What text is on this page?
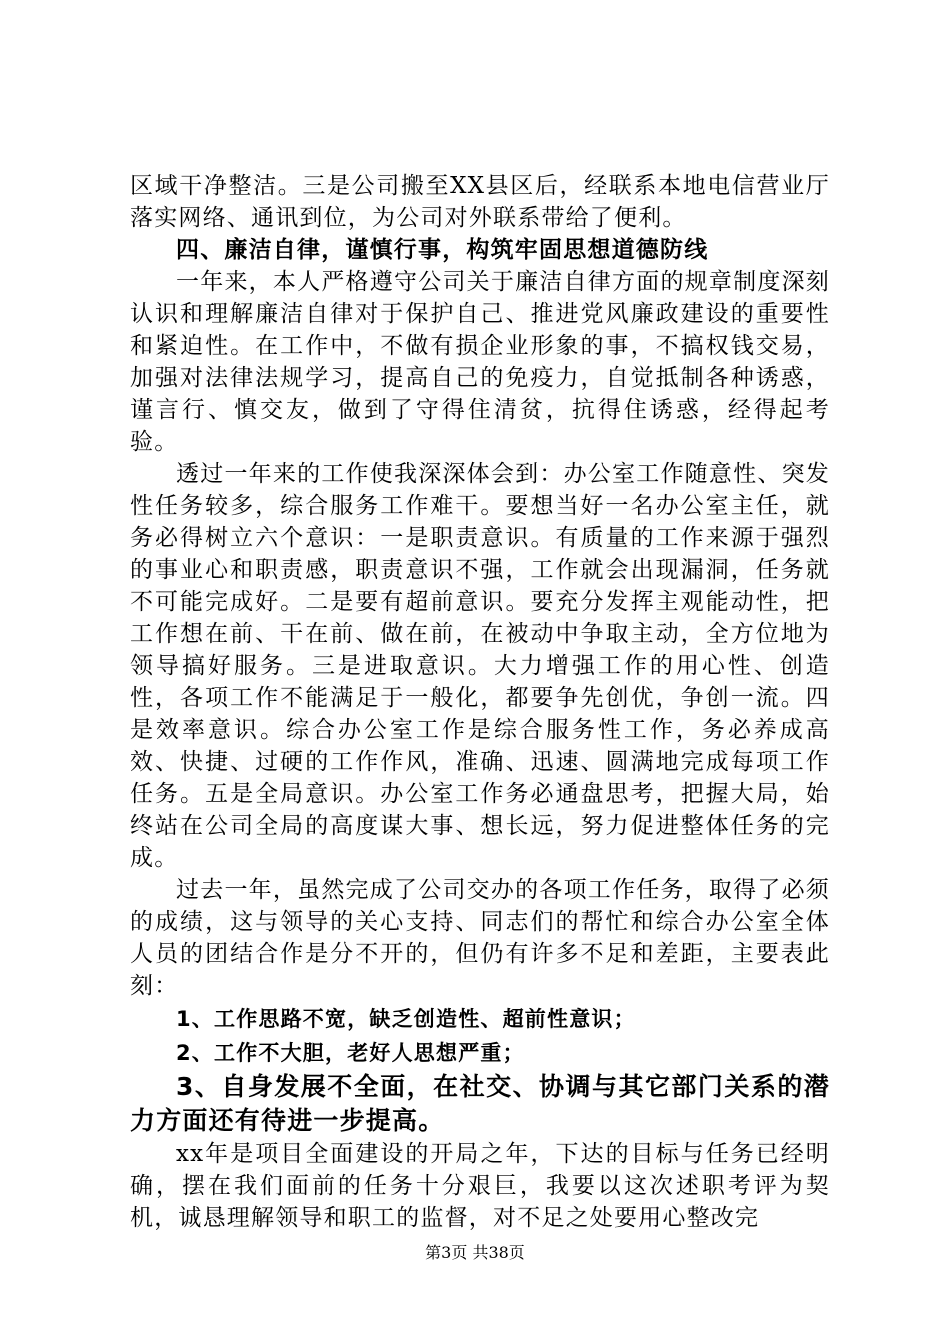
区域干净整洁。三是公司搬至XX县区后，经联系本地电信营业厅落实网络、通讯到位，为公司对外联系带给了便利。

四、廉洁自律，谨慎行事，构筑牢固思想道德防线

一年来，本人严格遵守公司关于廉洁自律方面的规章制度深刻认识和理解廉洁自律对于保护自己、推进党风廉政建设的重要性和紧迫性。在工作中，不做有损企业形象的事，不搞权钱交易，加强对法律法规学习，提高自己的免疫力，自觉抵制各种诱惑，谨言行、慎交友，做到了守得住清贫，抗得住诱惑，经得起考验。

透过一年来的工作使我深深体会到：办公室工作随意性、突发性任务较多，综合服务工作难干。要想当好一名办公室主任，就务必得树立六个意识：一是职责意识。有质量的工作来源于强烈的事业心和职责感，职责意识不强，工作就会出现漏洞，任务就不可能完成好。二是要有超前意识。要充分发挥主观能动性，把工作想在前、干在前、做在前，在被动中争取主动，全方位地为领导搞好服务。三是进取意识。大力增强工作的用心性、创造性，各项工作不能满足于一般化，都要争先创优，争创一流。四是效率意识。综合办公室工作是综合服务性工作，务必养成高效、快捷、过硬的工作作风，准确、迅速、圆满地完成每项工作任务。五是全局意识。办公室工作务必通盘思考，把握大局，始终站在公司全局的高度谋大事、想长远，努力促进整体任务的完成。

过去一年，虽然完成了公司交办的各项工作任务，取得了必须的成绩，这与领导的关心支持、同志们的帮忙和综合办公室全体人员的团结合作是分不开的，但仍有许多不足和差距，主要表此刻：

1、工作思路不宽，缺乏创造性、超前性意识；

2、工作不大胆，老好人思想严重；

3、自身发展不全面，在社交、协调与其它部门关系的潜力方面还有待进一步提高。

xx年是项目全面建设的开局之年，下达的目标与任务已经明确，摆在我们面前的任务十分艰巨，我要以这次述职考评为契机，诚恳理解领导和职工的监督，对不足之处要用心整改完

第3页 共38页
